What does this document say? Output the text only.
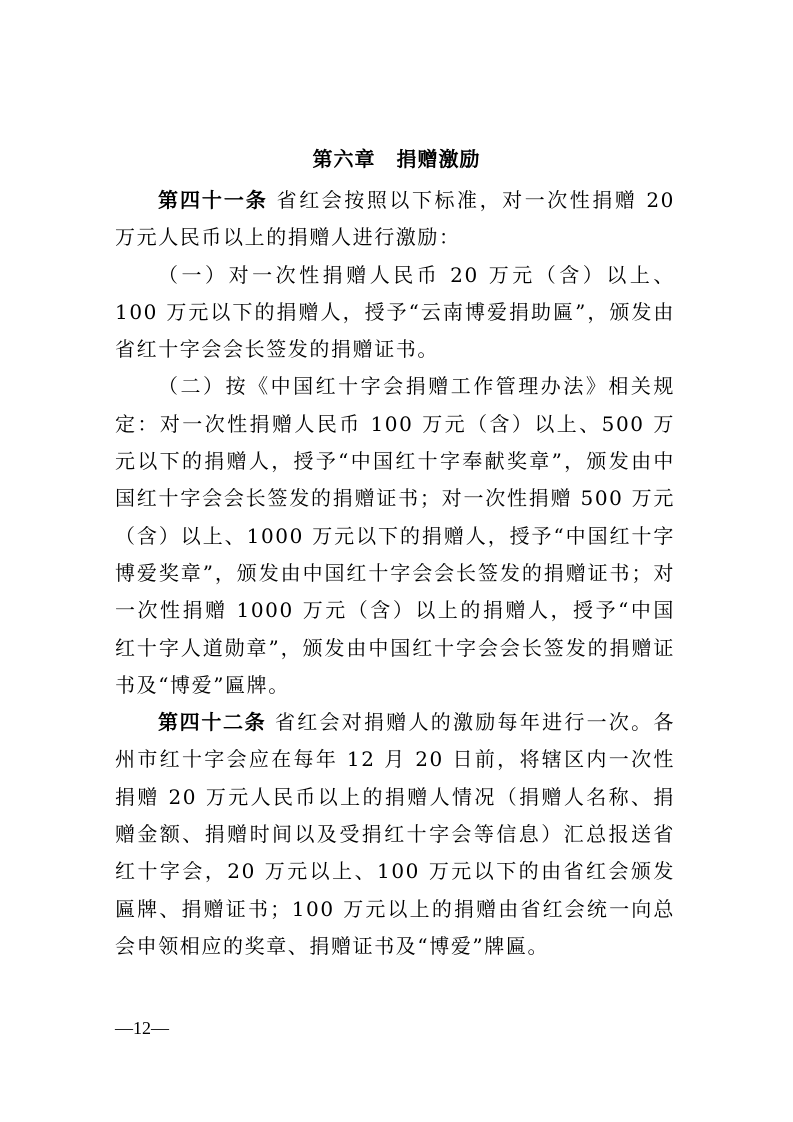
第六章　捐赠激励

第四十一条 省红会按照以下标准，对一次性捐赠 20 万元人民币以上的捐赠人进行激励：

（一）对一次性捐赠人民币 20 万元（含）以上、100 万元以下的捐赠人，授予“云南博爱捐助匾”，颁发由省红十字会会长签发的捐赠证书。

（二）按《中国红十字会捐赠工作管理办法》相关规定：对一次性捐赠人民币 100 万元（含）以上、500 万元以下的捐赠人，授予“中国红十字奉献奖章”，颁发由中国红十字会会长签发的捐赠证书；对一次性捐赠 500 万元（含）以上、1000 万元以下的捐赠人，授予“中国红十字博爱奖章”，颁发由中国红十字会会长签发的捐赠证书；对一次性捐赠 1000 万元（含）以上的捐赠人，授予“中国红十字人道勋章”，颁发由中国红十字会会长签发的捐赠证书及“博爱”匾牌。

第四十二条 省红会对捐赠人的激励每年进行一次。各州市红十字会应在每年 12 月 20 日前，将辖区内一次性捐赠 20 万元人民币以上的捐赠人情况（捐赠人名称、捐赠金额、捐赠时间以及受捐红十字会等信息）汇总报送省红十字会，20 万元以上、100 万元以下的由省红会颁发匾牌、捐赠证书；100 万元以上的捐赠由省红会统一向总会申领相应的奖章、捐赠证书及“博爱”牌匾。

—12—
